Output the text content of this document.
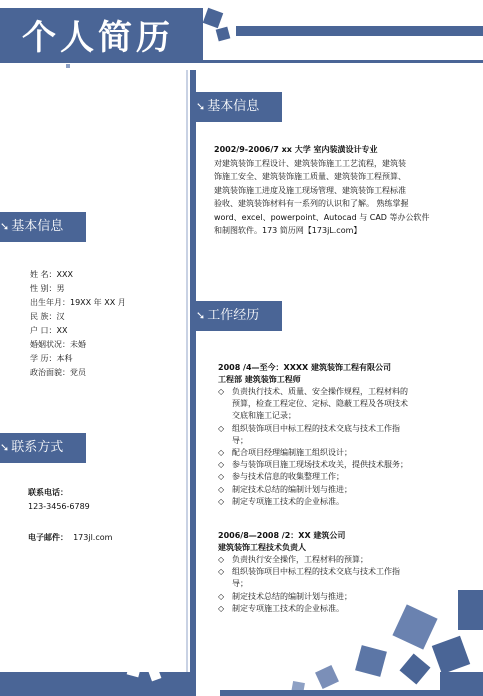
个人简历
➘ 基本信息
2002/9-2006/7 xx 大学 室内装潢设计专业
对建筑装饰工程设计、建筑装饰施工工艺流程，建筑装
饰施工安全、建筑装饰施工质量、建筑装饰工程预算、
建筑装饰施工进度及施工现场管理、建筑装饰工程标准
验收、建筑装饰材料有一系列的认识和了解。 熟练掌握
word、excel、powerpoint、Autocad 与 CAD 等办公软件
和制图软件。173 简历网【173jL.com】
➘ 基本信息
姓 名：XXX
性 别：男
出生年月：19XX 年 XX 月
民 族：汉
户 口：XX
婚姻状况：未婚
学 历：本科
政治面貌：党员
➘ 工作经历
2008 /4—至今：XXXX 建筑装饰工程有限公司
工程部 建筑装饰工程师
◇ 负责执行技术、质量、安全操作规程，工程材料的
预算，检查工程定位、定标、隐蔽工程及各项技术
交底和施工记录；
◇ 组织装饰项目中标工程的技术交底与技术工作指
导；
◇ 配合项目经理编制施工组织设计；
◇ 参与装饰项目施工现场技术攻关，提供技术服务；
◇ 参与技术信息的收集整理工作；
◇ 制定技术总结的编制计划与推进；
◇ 制定专项施工技术的企业标准。
2006/8—2008 /2：XX 建筑公司
建筑装饰工程技术负责人
◇ 负责执行安全操作，工程材料的预算；
◇ 组织装饰项目中标工程的技术交底与技术工作指
导；
◇ 制定技术总结的编制计划与推进；
◇ 制定专项施工技术的企业标准。
➘ 联系方式
联系电话：
123-3456-6789
电子邮件： 173jl.com
